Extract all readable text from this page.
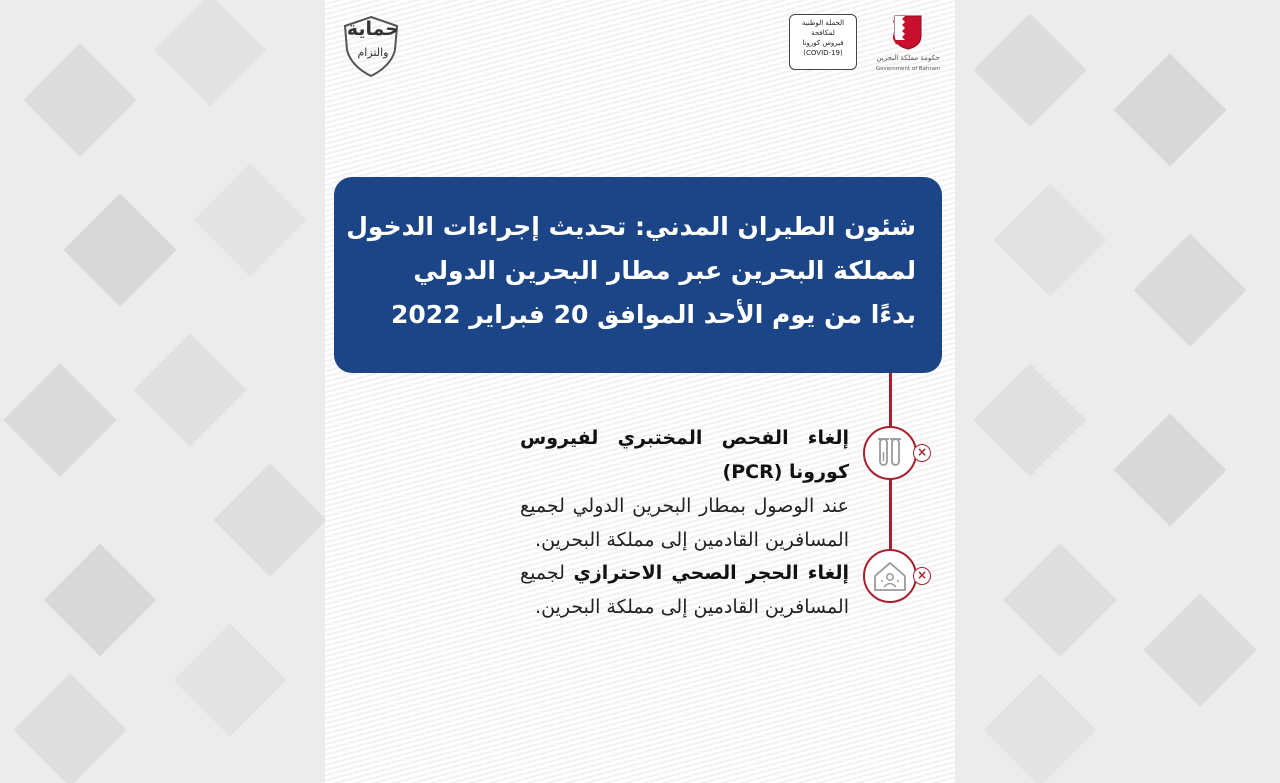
حماية
والتزام
الحملة الوطنية
لمكافحة
فيروس كورونا
(COVID-19)
حكومة مملكة البحرين
Government of Bahrain
شئون الطيران المدني: تحديث إجراءات الدخول
لمملكة البحرين عبر مطار البحرين الدولي
بدءًا من يوم الأحد الموافق 20 فبراير 2022
×
×
إلغاء الفحص المختبري لفيروس كورونا (PCR)
عند الوصول بمطار البحرين الدولي لجميع المسافرين القادمين إلى مملكة البحرين.
إلغاء الحجر الصحي الاحترازي لجميع المسافرين القادمين إلى مملكة البحرين.
